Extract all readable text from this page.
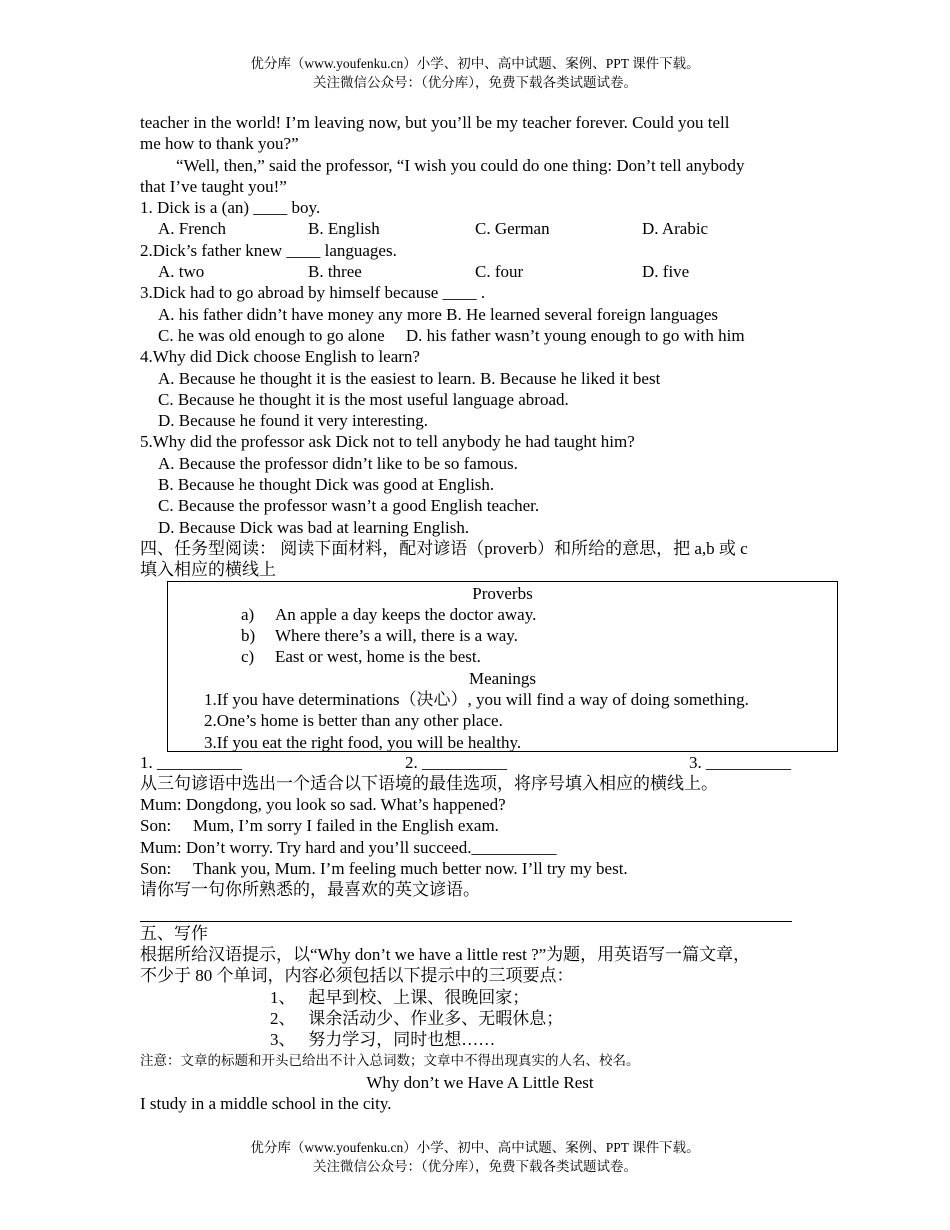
优分库（www.youfenku.cn）小学、初中、高中试题、案例、PPT 课件下载。
关注微信公众号：（优分库），免费下载各类试题试卷。
teacher in the world! I’m leaving now, but you’ll be my teacher forever. Could you tell
me how to thank you?”
“Well, then,” said the professor, “I wish you could do one thing: Don’t tell anybody
that I’ve taught you!”
1. Dick is a (an) ____ boy.
A. French	B. English	C. German	D. Arabic
2.Dick’s father knew ____ languages.
A. two	B. three	C. four	D. five
3.Dick had to go abroad by himself because ____ .
A. his father didn’t have money any more B. He learned several foreign languages
C. he was old enough to go alone     D. his father wasn’t young enough to go with him
4.Why did Dick choose English to learn?
A. Because he thought it is the easiest to learn. B. Because he liked it best
C. Because he thought it is the most useful language abroad.
D. Because he found it very interesting.
5.Why did the professor ask Dick not to tell anybody he had taught him?
A. Because the professor didn’t like to be so famous.
B. Because he thought Dick was good at English.
C. Because the professor wasn’t a good English teacher.
D. Because Dick was bad at learning English.
四、任务型阅读： 阅读下面材料，配对谚语（proverb）和所给的意思，把 a,b 或 c
填入相应的横线上
Proverbs
a)	An apple a day keeps the doctor away.
b)	Where there’s a will, there is a way.
c)	East or west, home is the best.
Meanings
1.If you have determinations（决心）, you will find a way of doing something.
2.One’s home is better than any other place.
3.If you eat the right food, you will be healthy.
1. __________	2. __________	3. __________
从三句谚语中选出一个适合以下语境的最佳选项，将序号填入相应的横线上。
Mum: Dongdong, you look so sad. What’s happened?
Son: Mum, I’m sorry I failed in the English exam.
Mum: Don’t worry. Try hard and you’ll succeed.__________
Son: Thank you, Mum. I’m feeling much better now. I’ll try my best.
请你写一句你所熟悉的，最喜欢的英文谚语。
五、写作
根据所给汉语提示，以“Why don’t we have a little rest ?”为题，用英语写一篇文章，
不少于 80 个单词，内容必须包括以下提示中的三项要点：
1、   起早到校、上课、很晚回家；
2、   课余活动少、作业多、无暇休息；
3、   努力学习，同时也想……
注意：文章的标题和开头已给出不计入总词数；文章中不得出现真实的人名、校名。
Why don’t we Have A Little Rest
I study in a middle school in the city.
优分库（www.youfenku.cn）小学、初中、高中试题、案例、PPT 课件下载。
关注微信公众号：（优分库），免费下载各类试题试卷。
